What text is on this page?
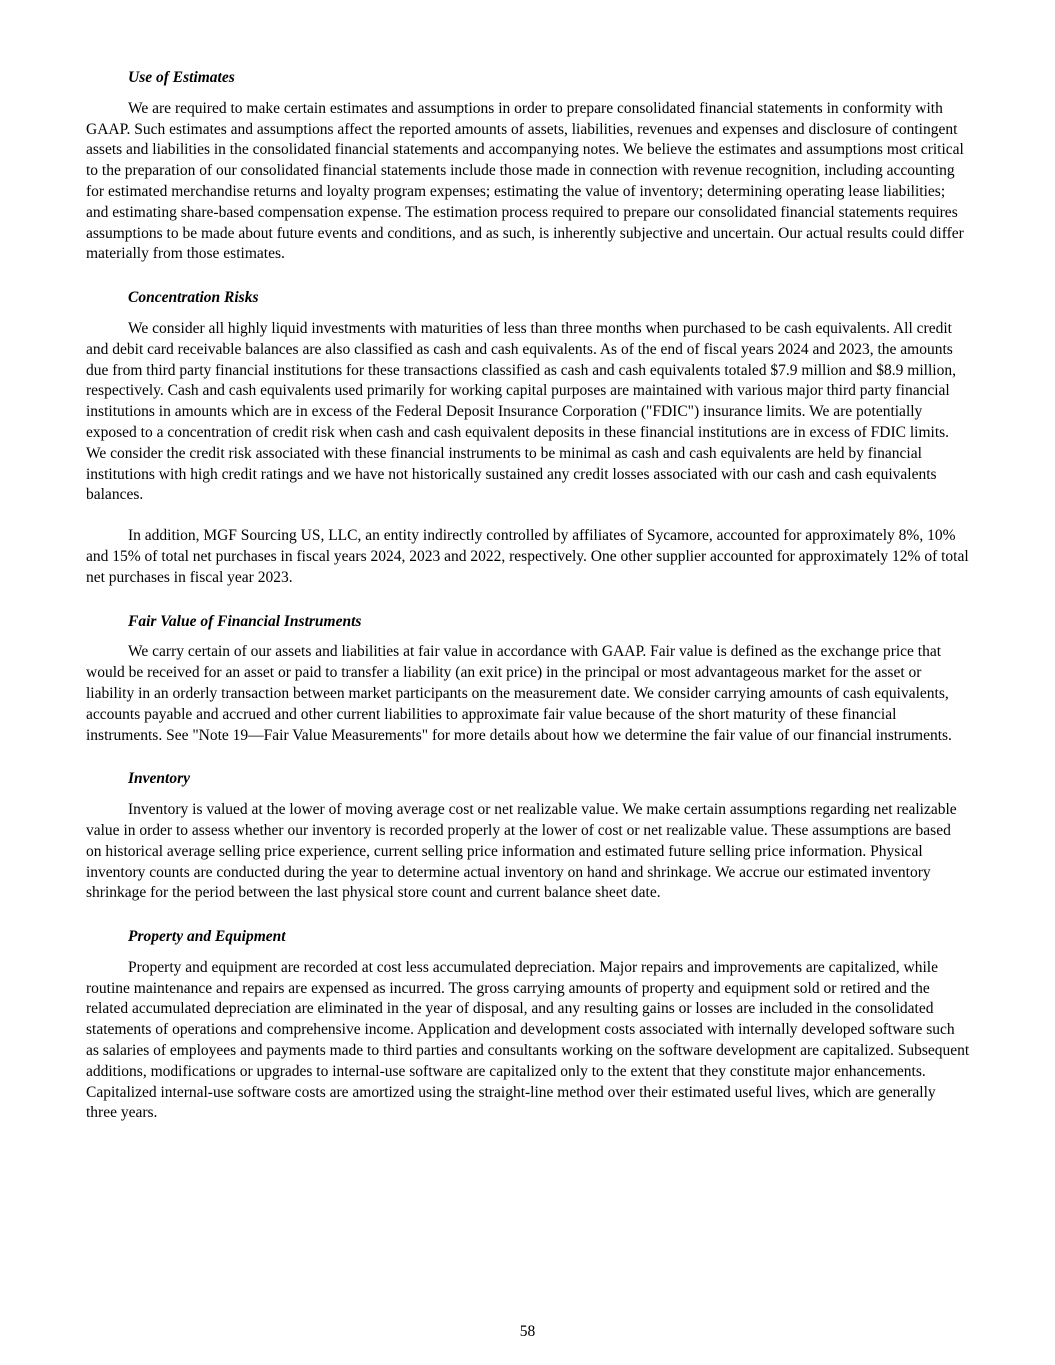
Use of Estimates

We are required to make certain estimates and assumptions in order to prepare consolidated financial statements in conformity with GAAP. Such estimates and assumptions affect the reported amounts of assets, liabilities, revenues and expenses and disclosure of contingent assets and liabilities in the consolidated financial statements and accompanying notes. We believe the estimates and assumptions most critical to the preparation of our consolidated financial statements include those made in connection with revenue recognition, including accounting for estimated merchandise returns and loyalty program expenses; estimating the value of inventory; determining operating lease liabilities; and estimating share-based compensation expense. The estimation process required to prepare our consolidated financial statements requires assumptions to be made about future events and conditions, and as such, is inherently subjective and uncertain. Our actual results could differ materially from those estimates.

Concentration Risks

We consider all highly liquid investments with maturities of less than three months when purchased to be cash equivalents. All credit and debit card receivable balances are also classified as cash and cash equivalents. As of the end of fiscal years 2024 and 2023, the amounts due from third party financial institutions for these transactions classified as cash and cash equivalents totaled $7.9 million and $8.9 million, respectively. Cash and cash equivalents used primarily for working capital purposes are maintained with various major third party financial institutions in amounts which are in excess of the Federal Deposit Insurance Corporation ("FDIC") insurance limits. We are potentially exposed to a concentration of credit risk when cash and cash equivalent deposits in these financial institutions are in excess of FDIC limits. We consider the credit risk associated with these financial instruments to be minimal as cash and cash equivalents are held by financial institutions with high credit ratings and we have not historically sustained any credit losses associated with our cash and cash equivalents balances.

In addition, MGF Sourcing US, LLC, an entity indirectly controlled by affiliates of Sycamore, accounted for approximately 8%, 10% and 15% of total net purchases in fiscal years 2024, 2023 and 2022, respectively. One other supplier accounted for approximately 12% of total net purchases in fiscal year 2023.

Fair Value of Financial Instruments

We carry certain of our assets and liabilities at fair value in accordance with GAAP. Fair value is defined as the exchange price that would be received for an asset or paid to transfer a liability (an exit price) in the principal or most advantageous market for the asset or liability in an orderly transaction between market participants on the measurement date. We consider carrying amounts of cash equivalents, accounts payable and accrued and other current liabilities to approximate fair value because of the short maturity of these financial instruments. See "Note 19—Fair Value Measurements" for more details about how we determine the fair value of our financial instruments.

Inventory

Inventory is valued at the lower of moving average cost or net realizable value. We make certain assumptions regarding net realizable value in order to assess whether our inventory is recorded properly at the lower of cost or net realizable value. These assumptions are based on historical average selling price experience, current selling price information and estimated future selling price information. Physical inventory counts are conducted during the year to determine actual inventory on hand and shrinkage. We accrue our estimated inventory shrinkage for the period between the last physical store count and current balance sheet date.

Property and Equipment

Property and equipment are recorded at cost less accumulated depreciation. Major repairs and improvements are capitalized, while routine maintenance and repairs are expensed as incurred. The gross carrying amounts of property and equipment sold or retired and the related accumulated depreciation are eliminated in the year of disposal, and any resulting gains or losses are included in the consolidated statements of operations and comprehensive income. Application and development costs associated with internally developed software such as salaries of employees and payments made to third parties and consultants working on the software development are capitalized. Subsequent additions, modifications or upgrades to internal-use software are capitalized only to the extent that they constitute major enhancements. Capitalized internal-use software costs are amortized using the straight-line method over their estimated useful lives, which are generally three years.

58
